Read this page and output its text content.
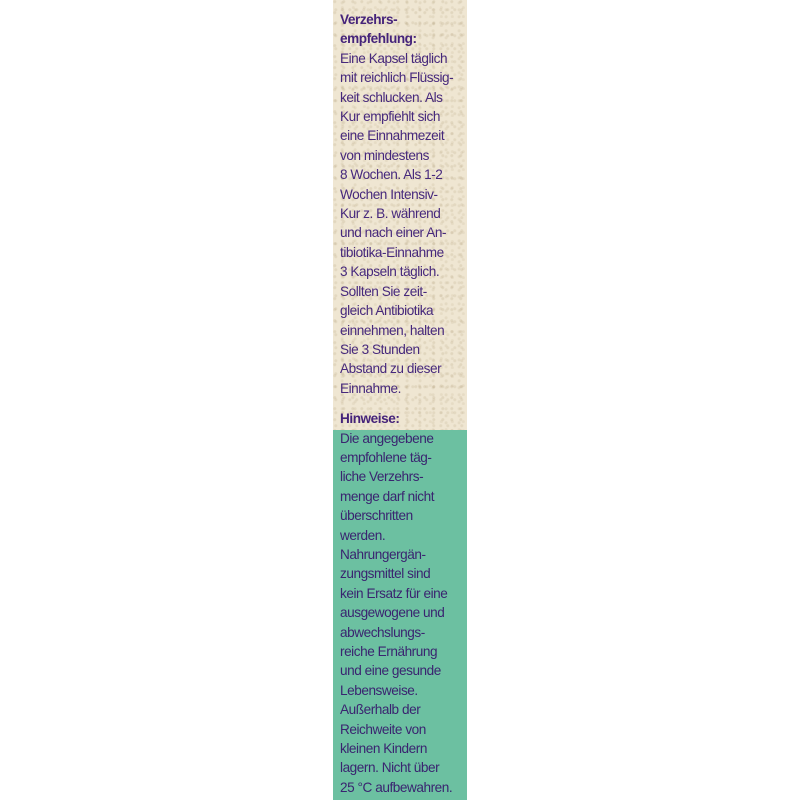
Verzehrs-
empfehlung:
Eine Kapsel täglich
mit reichlich Flüssig-
keit schlucken. Als
Kur empfiehlt sich
eine Einnahmezeit
von mindestens
8 Wochen. Als 1-2
Wochen Intensiv-
Kur z. B. während
und nach einer An-
tibiotika-Einnahme
3 Kapseln täglich.
Sollten Sie zeit-
gleich Antibiotika
einnehmen, halten
Sie 3 Stunden
Abstand zu dieser
Einnahme.
Hinweise:
Die angegebene
empfohlene täg-
liche Verzehrs-
menge darf nicht
überschritten
werden.
Nahrungergän-
zungsmittel sind
kein Ersatz für eine
ausgewogene und
abwechslungs-
reiche Ernährung
und eine gesunde
Lebensweise.
Außerhalb der
Reichweite von
kleinen Kindern
lagern. Nicht über
25 °C aufbewahren.
